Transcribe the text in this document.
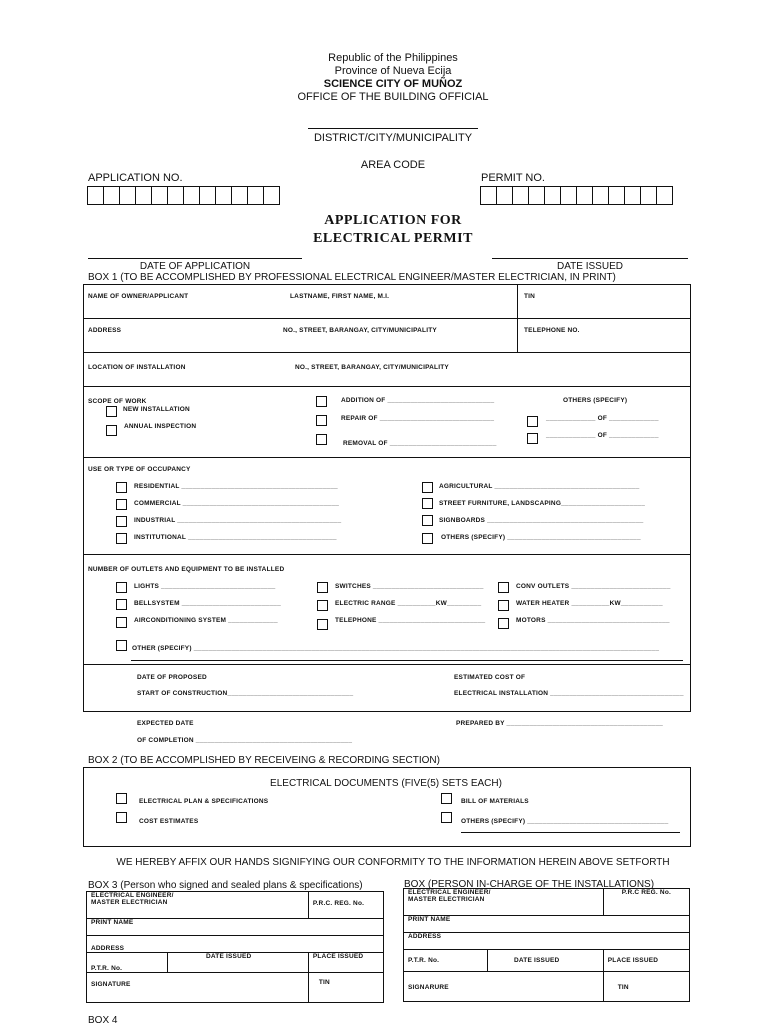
Republic of the Philippines
Province of Nueva Ecija
SCIENCE CITY OF MUÑOZ
OFFICE OF THE BUILDING OFFICIAL
DISTRICT/CITY/MUNICIPALITY
AREA CODE
APPLICATION NO.	PERMIT NO.
APPLICATION FOR
ELECTRICAL PERMIT
DATE OF APPLICATION	DATE ISSUED
BOX 1 (TO BE ACCOMPLISHED BY PROFESSIONAL ELECTRICAL ENGINEER/MASTER ELECTRICIAN, IN PRINT)
NAME OF OWNER/APPLICANT	LASTNAME, FIRST NAME, M.I.	TIN
ADDRESS	NO., STREET, BARANGAY, CITY/MUNICIPALITY	TELEPHONE NO.
LOCATION OF INSTALLATION	NO., STREET, BARANGAY, CITY/MUNICIPALITY
SCOPE OF WORK
NEW INSTALLATION
ANNUAL INSPECTION
ADDITION OF ____________________________
REPAIR OF ______________________________
REMOVAL OF ____________________________
OTHERS (SPECIFY)
_____________ OF _____________
_____________ OF _____________
USE OR TYPE OF OCCUPANCY
RESIDENTIAL _________________________________________
COMMERCIAL _________________________________________
INDUSTRIAL ___________________________________________
INSTITUTIONAL _______________________________________
AGRICULTURAL ______________________________________
STREET FURNITURE, LANDSCAPING______________________
SIGNBOARDS _________________________________________
OTHERS (SPECIFY) ___________________________________
NUMBER OF OUTLETS AND EQUIPMENT TO BE INSTALLED
LIGHTS ______________________________
BELLSYSTEM __________________________
AIRCONDITIONING SYSTEM _____________
SWITCHES _____________________________
ELECTRIC RANGE __________KW_________
TELEPHONE ____________________________
CONV OUTLETS __________________________
WATER HEATER __________KW___________
MOTORS ________________________________
OTHER (SPECIFY) __________________________________________________________________________________________________________________________
DATE OF PROPOSED
START OF CONSTRUCTION_________________________________
ESTIMATED COST OF
ELECTRICAL INSTALLATION ___________________________________
EXPECTED DATE
OF COMPLETION _________________________________________
PREPARED BY _________________________________________
BOX 2 (TO BE ACCOMPLISHED BY RECEIVEING & RECORDING SECTION)
ELECTRICAL DOCUMENTS (FIVE(5) SETS EACH)
ELECTRICAL PLAN & SPECIFICATIONS
COST ESTIMATES
BILL OF MATERIALS
OTHERS (SPECIFY) _____________________________________
WE HEREBY AFFIX OUR HANDS SIGNIFYING OUR CONFORMITY TO THE INFORMATION HEREIN ABOVE SETFORTH
BOX 3 (Person who signed and sealed plans & specifications)
ELECTRICAL ENGINEER/
MASTER ELECTRICIAN		P.R.C. REG. No.

PRINT NAME		

ADDRESS		

P.T.R. No.	DATE ISSUED	PLACE ISSUED

SIGNATURE		TIN
BOX (PERSON IN-CHARGE OF THE INSTALLATIONS)
ELECTRICAL ENGINEER/
MASTER ELECTRICIAN		P.R.C REG. No.

PRINT NAME		

ADDRESS		

P.T.R. No.	DATE ISSUED	PLACE ISSUED

SIGNARURE		TIN
BOX 4
